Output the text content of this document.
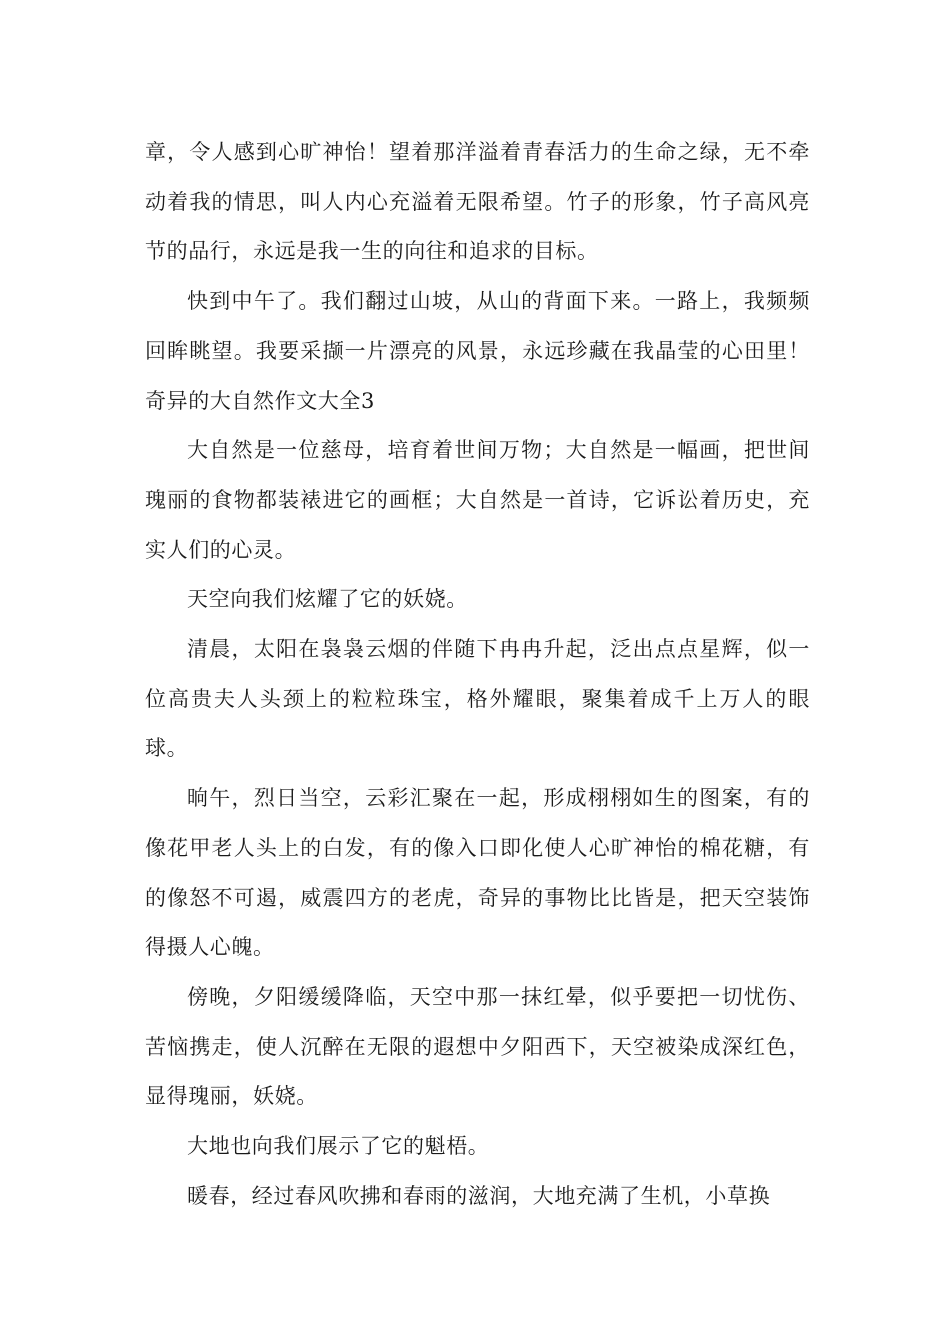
章，令人感到心旷神怡！望着那洋溢着青春活力的生命之绿，无不牵动着我的情思，叫人内心充溢着无限希望。竹子的形象，竹子高风亮节的品行，永远是我一生的向往和追求的目标。

快到中午了。我们翻过山坡，从山的背面下来。一路上，我频频回眸眺望。我要采撷一片漂亮的风景，永远珍藏在我晶莹的心田里！奇异的大自然作文大全3

大自然是一位慈母，培育着世间万物；大自然是一幅画，把世间瑰丽的食物都装裱进它的画框；大自然是一首诗，它诉讼着历史，充实人们的心灵。

天空向我们炫耀了它的妖娆。

清晨，太阳在袅袅云烟的伴随下冉冉升起，泛出点点星辉，似一位高贵夫人头颈上的粒粒珠宝，格外耀眼，聚集着成千上万人的眼球。

晌午，烈日当空，云彩汇聚在一起，形成栩栩如生的图案，有的像花甲老人头上的白发，有的像入口即化使人心旷神怡的棉花糖，有的像怒不可遏，威震四方的老虎，奇异的事物比比皆是，把天空装饰得摄人心魄。

傍晚，夕阳缓缓降临，天空中那一抹红晕，似乎要把一切忧伤、苦恼携走，使人沉醉在无限的遐想中夕阳西下，天空被染成深红色，显得瑰丽，妖娆。

大地也向我们展示了它的魁梧。

暖春，经过春风吹拂和春雨的滋润，大地充满了生机，小草换
